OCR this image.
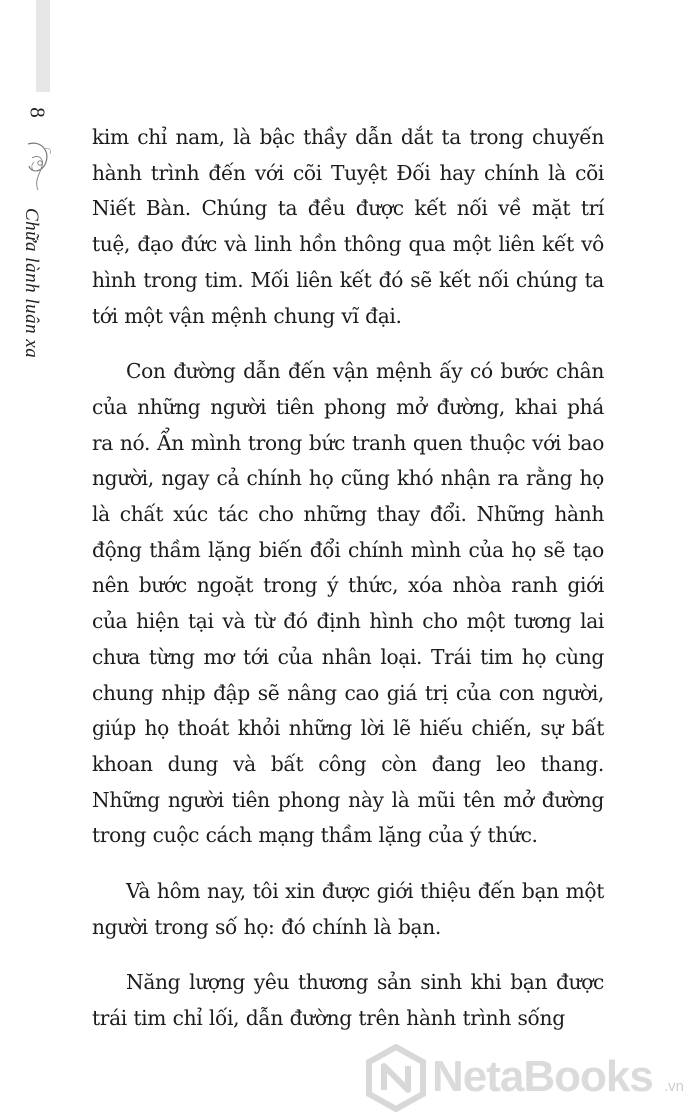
8
Chữa lành luân xa

kim chỉ nam, là bậc thầy dẫn dắt ta trong chuyến hành trình đến với cõi Tuyệt Đối hay chính là cõi Niết Bàn. Chúng ta đều được kết nối về mặt trí tuệ, đạo đức và linh hồn thông qua một liên kết vô hình trong tim. Mối liên kết đó sẽ kết nối chúng ta tới một vận mệnh chung vĩ đại.

Con đường dẫn đến vận mệnh ấy có bước chân của những người tiên phong mở đường, khai phá ra nó. Ẩn mình trong bức tranh quen thuộc với bao người, ngay cả chính họ cũng khó nhận ra rằng họ là chất xúc tác cho những thay đổi. Những hành động thầm lặng biến đổi chính mình của họ sẽ tạo nên bước ngoặt trong ý thức, xóa nhòa ranh giới của hiện tại và từ đó định hình cho một tương lai chưa từng mơ tới của nhân loại. Trái tim họ cùng chung nhịp đập sẽ nâng cao giá trị của con người, giúp họ thoát khỏi những lời lẽ hiếu chiến, sự bất khoan dung và bất công còn đang leo thang. Những người tiên phong này là mũi tên mở đường trong cuộc cách mạng thầm lặng của ý thức.

Và hôm nay, tôi xin được giới thiệu đến bạn một người trong số họ: đó chính là bạn.

Năng lượng yêu thương sản sinh khi bạn được trái tim chỉ lối, dẫn đường trên hành trình sống

NetaBooks .vn
